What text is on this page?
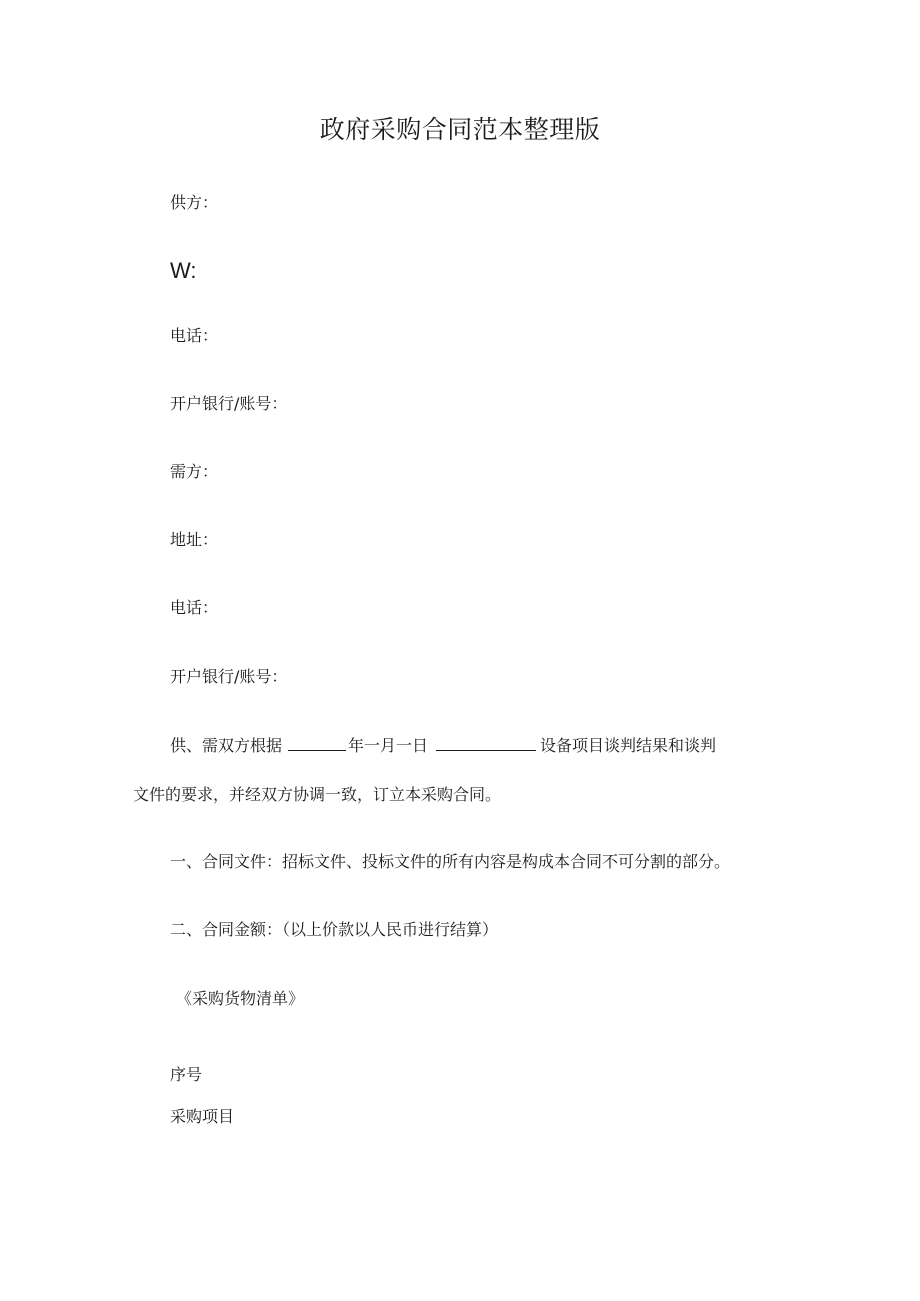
政府采购合同范本整理版
供方：
W:
电话：
开户银行/账号：
需方：
地址：
电话：
开户银行/账号：
供、需双方根据	年一月一日	设备项目谈判结果和谈判
文件的要求，并经双方协调一致，订立本采购合同。
一、合同文件：招标文件、投标文件的所有内容是构成本合同不可分割的部分。
二、合同金额：（以上价款以人民币进行结算）
《采购货物清单》
序号
采购项目
